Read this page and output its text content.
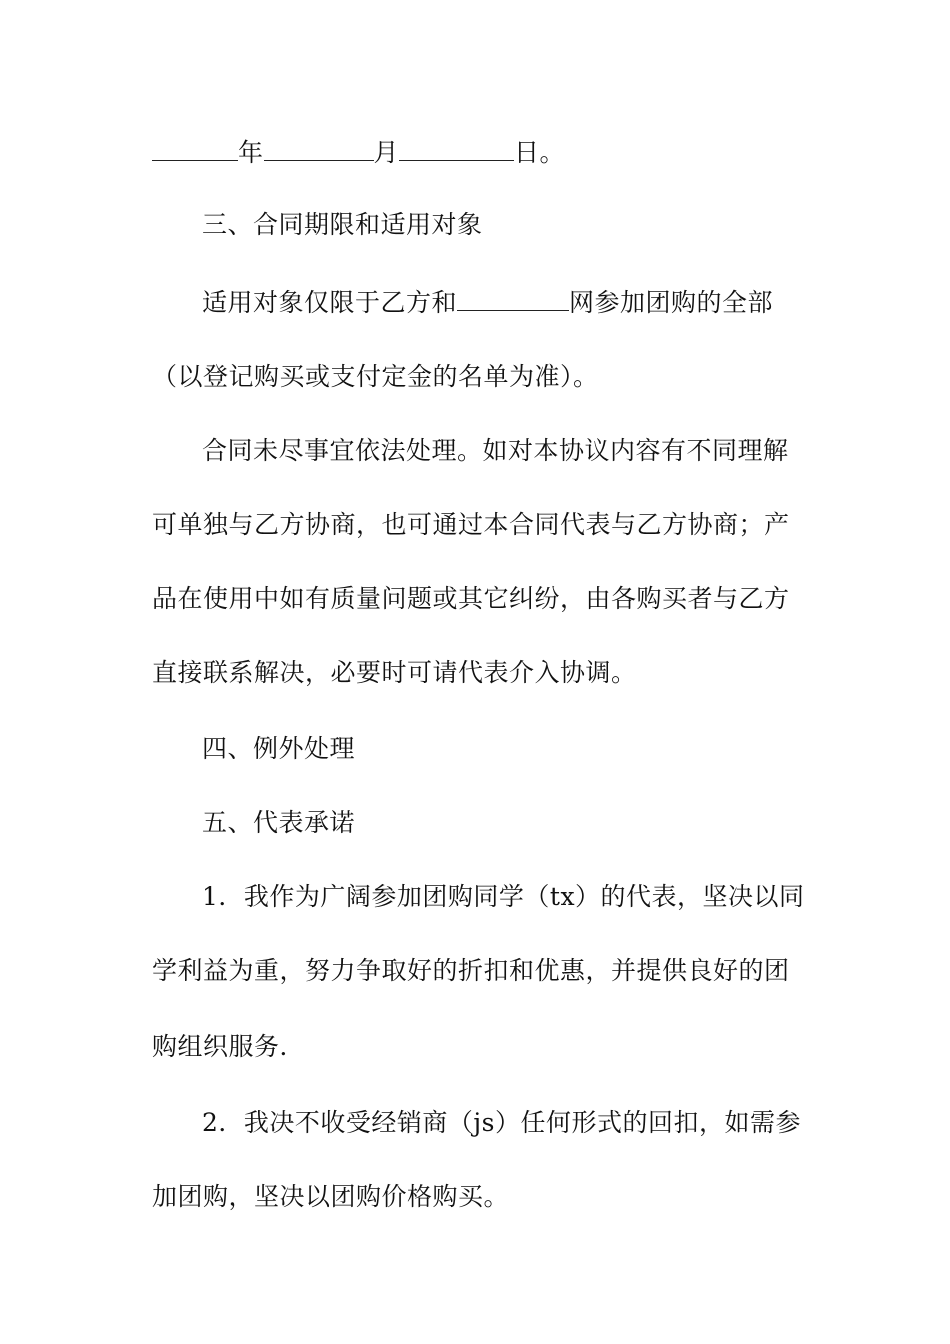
年	月	日。
三、合同期限和适用对象
适用对象仅限于乙方和	网参加团购的全部
（以登记购买或支付定金的名单为准）。
合同未尽事宜依法处理。如对本协议内容有不同理解
可单独与乙方协商，也可通过本合同代表与乙方协商；产
品在使用中如有质量问题或其它纠纷，由各购买者与乙方
直接联系解决，必要时可请代表介入协调。
四、例外处理
五、代表承诺
1．我作为广阔参加团购同学（tx）的代表，坚决以同
学利益为重，努力争取好的折扣和优惠，并提供良好的团
购组织服务．
2．我决不收受经销商（js）任何形式的回扣，如需参
加团购，坚决以团购价格购买。
